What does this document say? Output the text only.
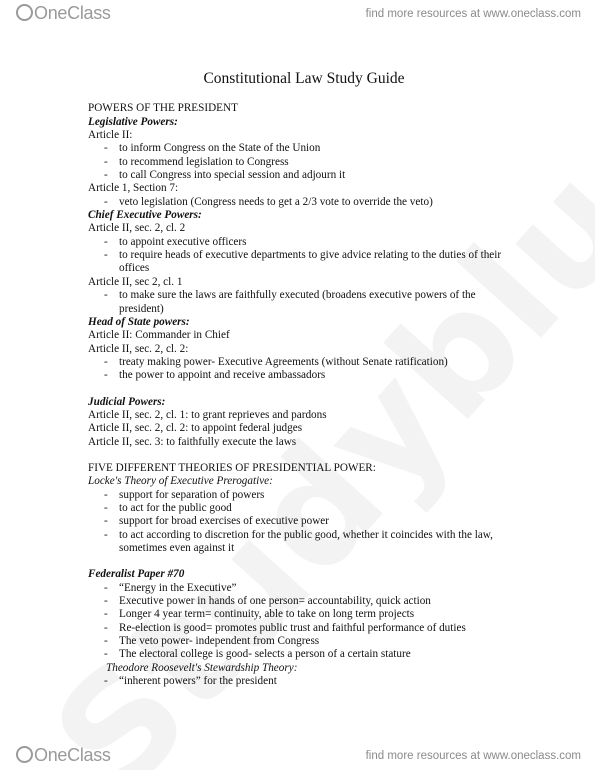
OneClass	find more resources at www.oneclass.com
Constitutional Law Study Guide
POWERS OF THE PRESIDENT
Legislative Powers:
Article II:
- to inform Congress on the State of the Union
- to recommend legislation to Congress
- to call Congress into special session and adjourn it
Article 1, Section 7:
- veto legislation (Congress needs to get a 2/3 vote to override the veto)
Chief Executive Powers:
Article II, sec. 2, cl. 2
- to appoint executive officers
- to require heads of executive departments to give advice relating to the duties of their offices
Article II, sec 2, cl. 1
- to make sure the laws are faithfully executed (broadens executive powers of the president)
Head of State powers:
Article II: Commander in Chief
Article II, sec. 2, cl. 2:
- treaty making power- Executive Agreements (without Senate ratification)
- the power to appoint and receive ambassadors
Judicial Powers:
Article II, sec. 2, cl. 1: to grant reprieves and pardons
Article II, sec. 2, cl. 2: to appoint federal judges
Article II, sec. 3: to faithfully execute the laws
FIVE DIFFERENT THEORIES OF PRESIDENTIAL POWER:
Locke's Theory of Executive Prerogative:
- support for separation of powers
- to act for the public good
- support for broad exercises of executive power
- to act according to discretion for the public good, whether it coincides with the law, sometimes even against it
Federalist Paper #70
- “Energy in the Executive”
- Executive power in hands of one person= accountability, quick action
- Longer 4 year term= continuity, able to take on long term projects
- Re-election is good= promotes public trust and faithful performance of duties
- The veto power- independent from Congress
- The electoral college is good- selects a person of a certain stature
Theodore Roosevelt's Stewardship Theory:
- “inherent powers” for the president
OneClass	find more resources at www.oneclass.com
